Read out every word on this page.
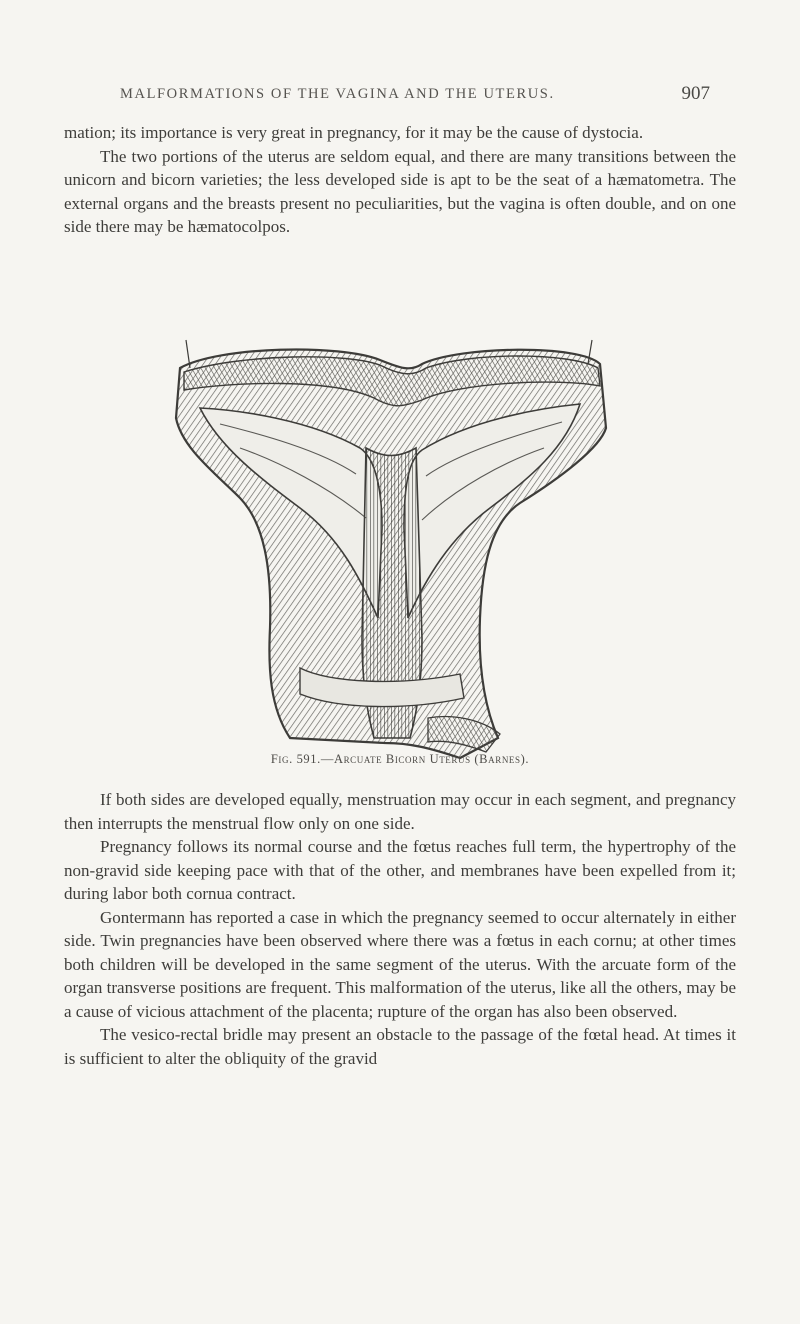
MALFORMATIONS OF THE VAGINA AND THE UTERUS.	907

mation; its importance is very great in pregnancy, for it may be the cause of dystocia.

The two portions of the uterus are seldom equal, and there are many transitions between the unicorn and bicorn varieties; the less developed side is apt to be the seat of a hæmatometra. The external organs and the breasts present no peculiarities, but the vagina is often double, and on one side there may be hæmatocolpos.

Fig. 591.—Arcuate Bicorn Uterus (Barnes).

If both sides are developed equally, menstruation may occur in each segment, and pregnancy then interrupts the menstrual flow only on one side.

Pregnancy follows its normal course and the fœtus reaches full term, the hypertrophy of the non-gravid side keeping pace with that of the other, and membranes have been expelled from it; during labor both cornua contract.

Gontermann has reported a case in which the pregnancy seemed to occur alternately in either side. Twin pregnancies have been observed where there was a fœtus in each cornu; at other times both children will be developed in the same segment of the uterus. With the arcuate form of the organ transverse positions are frequent. This malformation of the uterus, like all the others, may be a cause of vicious attachment of the placenta; rupture of the organ has also been observed.

The vesico-rectal bridle may present an obstacle to the passage of the fœtal head. At times it is sufficient to alter the obliquity of the gravid
